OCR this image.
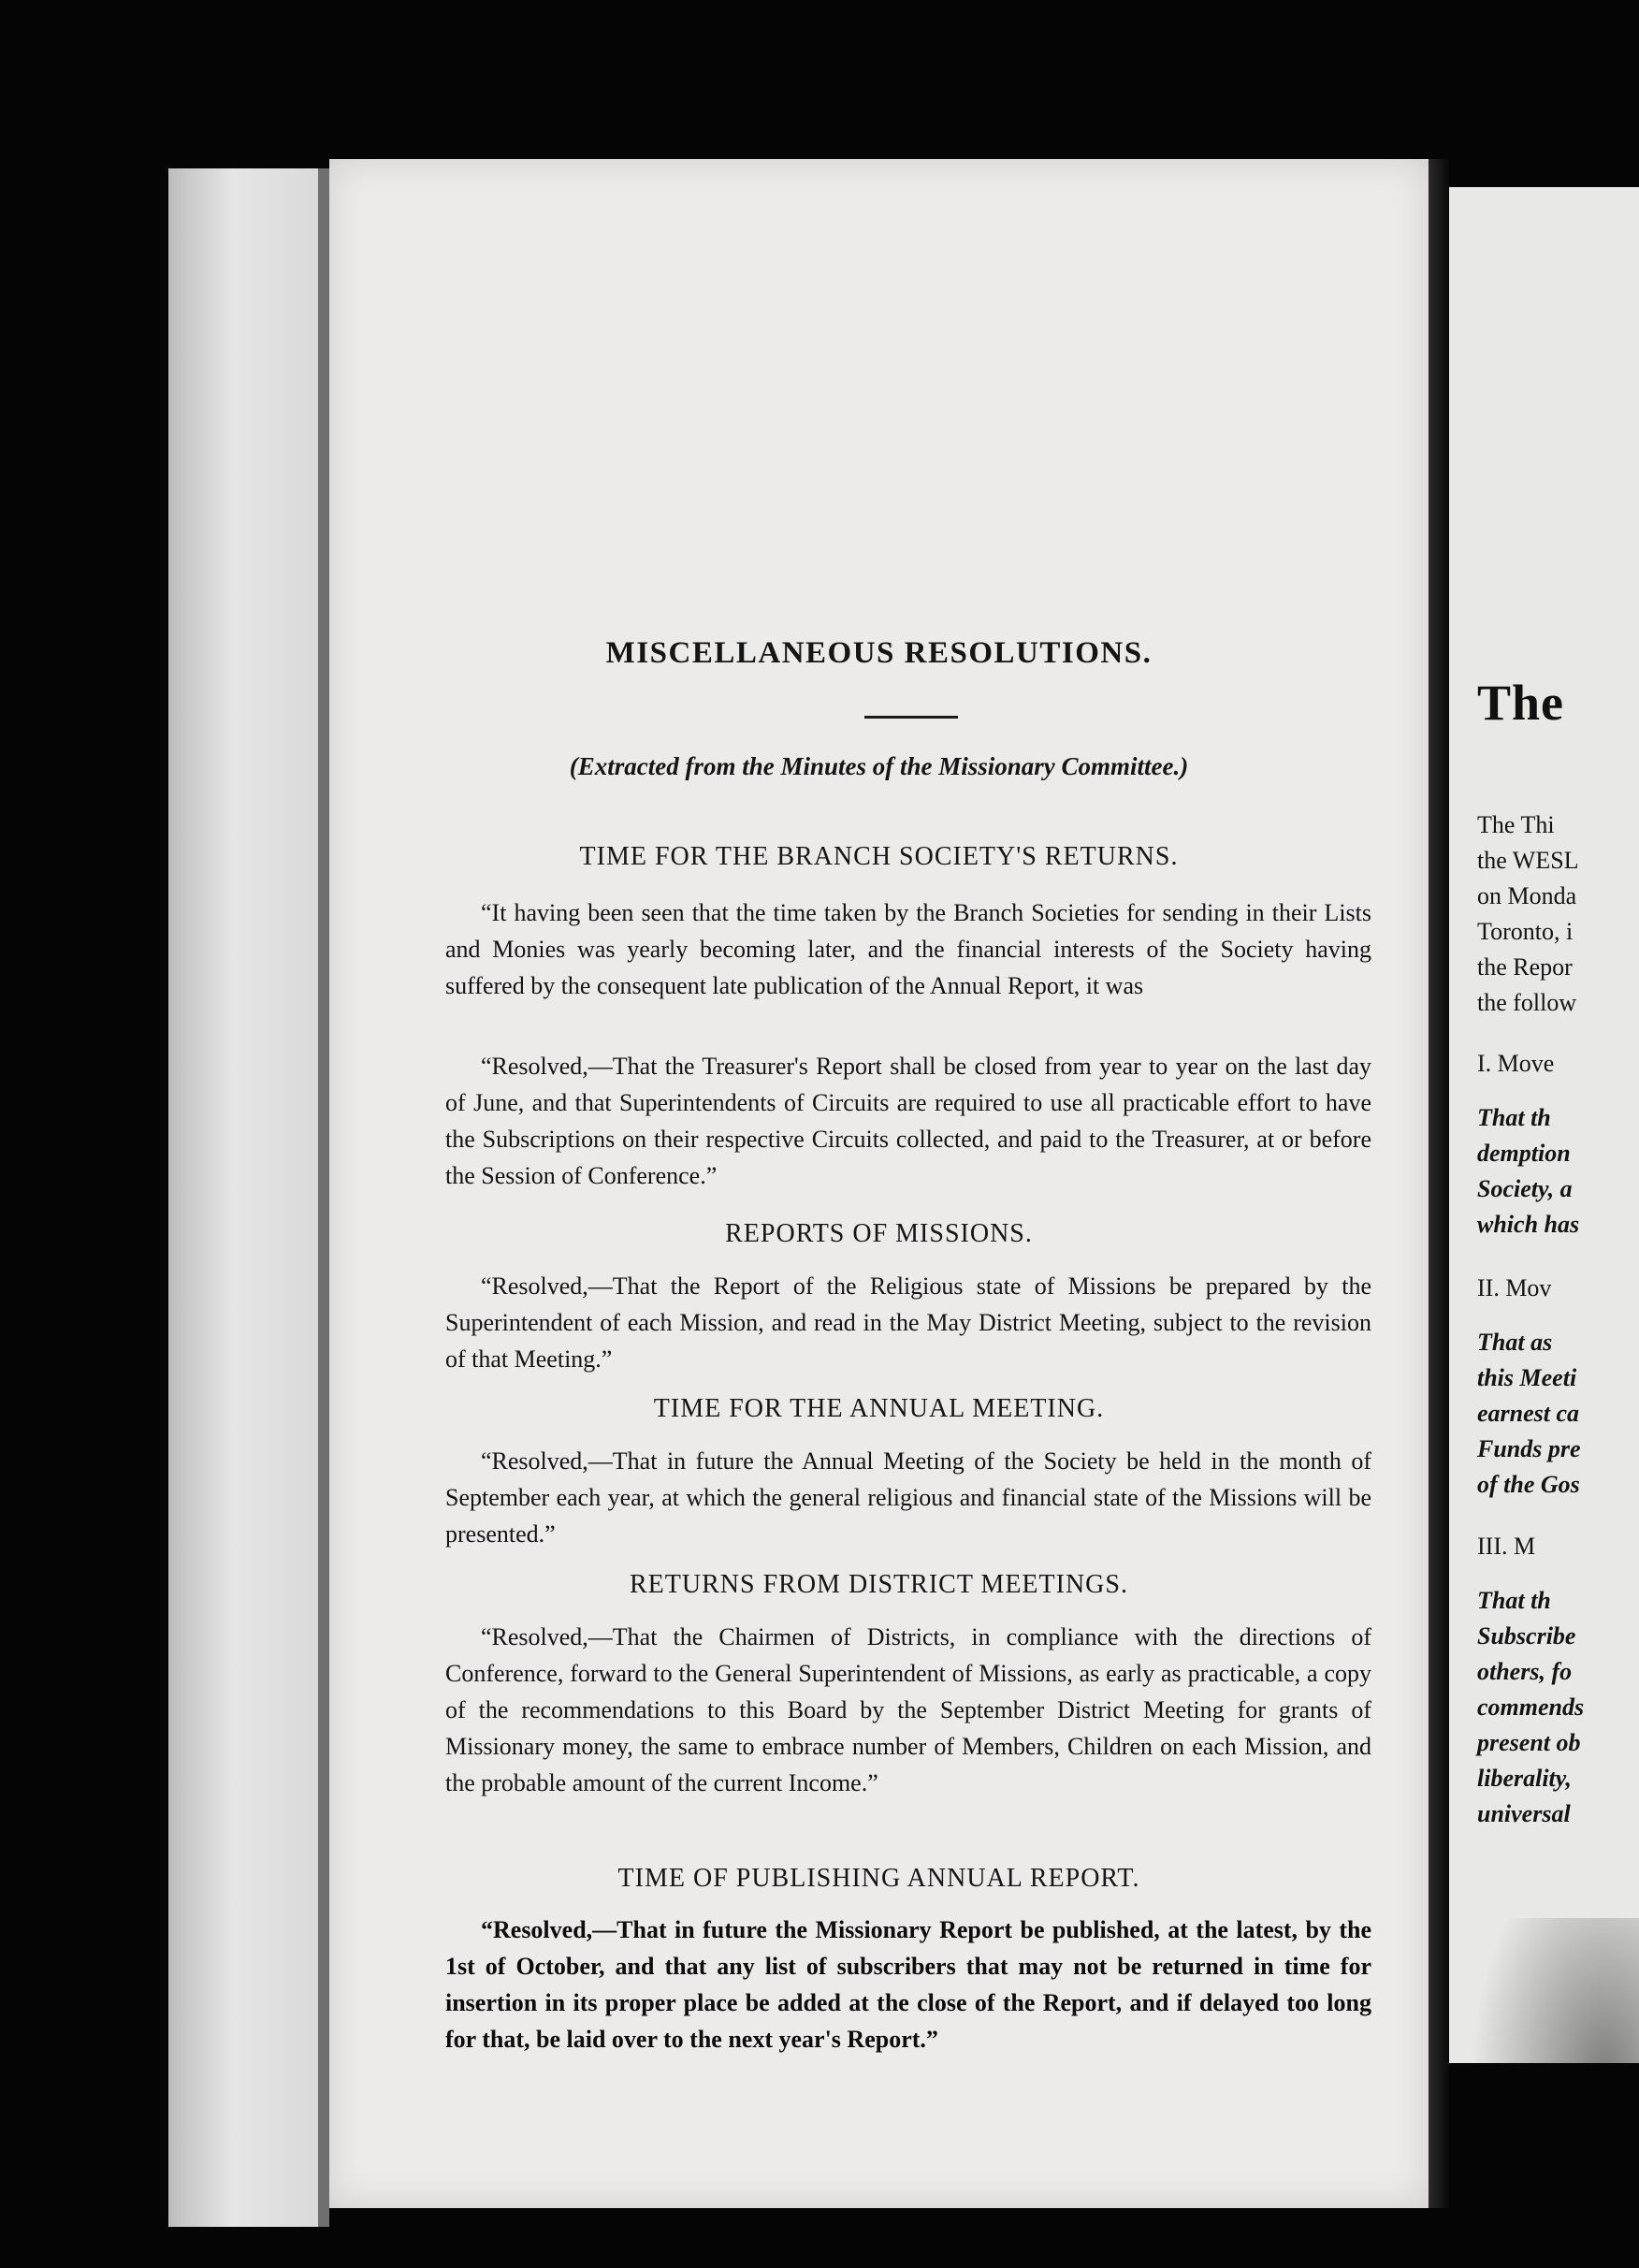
MISCELLANEOUS RESOLUTIONS.
(Extracted from the Minutes of the Missionary Committee.)
TIME FOR THE BRANCH SOCIETY'S RETURNS.
“It having been seen that the time taken by the Branch Societies for sending in their Lists and Monies was yearly becoming later, and the financial interests of the Society having suffered by the consequent late publication of the Annual Report, it was
“Resolved,—That the Treasurer's Report shall be closed from year to year on the last day of June, and that Superintendents of Circuits are required to use all practicable effort to have the Subscriptions on their respective Circuits collected, and paid to the Treasurer, at or before the Session of Conference.”
REPORTS OF MISSIONS.
“Resolved,—That the Report of the Religious state of Missions be prepared by the Superintendent of each Mission, and read in the May District Meeting, subject to the revision of that Meeting.”
TIME FOR THE ANNUAL MEETING.
“Resolved,—That in future the Annual Meeting of the Society be held in the month of September each year, at which the general religious and financial state of the Missions will be presented.”
RETURNS FROM DISTRICT MEETINGS.
“Resolved,—That the Chairmen of Districts, in compliance with the directions of Conference, forward to the General Superintendent of Missions, as early as practicable, a copy of the recommendations to this Board by the September District Meeting for grants of Missionary money, the same to embrace number of Members, Children on each Mission, and the probable amount of the current Income.”
TIME OF PUBLISHING ANNUAL REPORT.
“Resolved,—That in future the Missionary Report be published, at the latest, by the 1st of October, and that any list of subscribers that may not be returned in time for insertion in its proper place be added at the close of the Report, and if delayed too long for that, be laid over to the next year's Report.”
The
The Thi
the WESL
on Monda
Toronto, i
the Repor
the follow
I. Move
That th
demption
Society, a
which has
II. Mov
That as
this Meeti
earnest ca
Funds pre
of the Gos
III. M
That th
Subscribe
others, fo
commends
present ob
liberality,
universal
